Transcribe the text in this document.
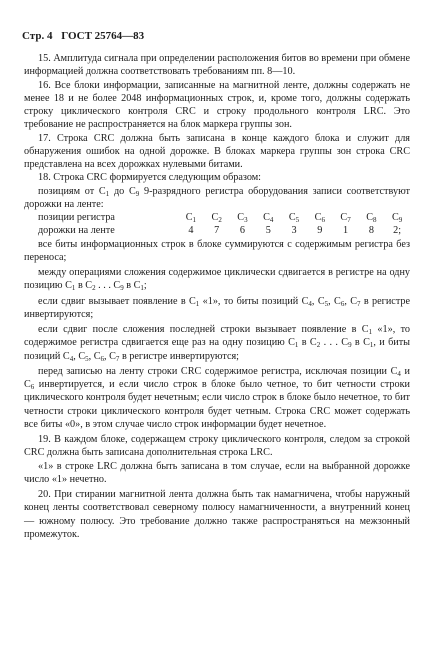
Стр. 4 ГОСТ 25764—83

15. Амплитуда сигнала при определении расположения битов во времени при обмене информацией должна соответствовать требованиям пп. 8—10.

16. Все блоки информации, записанные на магнитной ленте, должны содержать не менее 18 и не более 2048 информационных строк, и, кроме того, должны содержать строку циклического контроля CRC и строку продольного контроля LRC. Это требование не распространяется на блок маркера группы зон.

17. Строка CRC должна быть записана в конце каждого блока и служит для обнаружения ошибок на одной дорожке. В блоках маркера группы зон строка CRC представлена на всех дорожках нулевыми битами.

18. Строка CRC формируется следующим образом:

позициям от $C_1$ до $C_9$ 9-разрядного регистра оборудования записи соответствуют дорожки на ленте:

позиции регистра	$C_1$	$C_2$	$C_3$	$C_4$	$C_5$	$C_6$	$C_7$	$C_8$	$C_9$
дорожки на ленте	4	7	6	5	3	9	1	8	2;

все биты информационных строк в блоке суммируются с содержимым регистра без переноса;

между операциями сложения содержимое циклически сдвигается в регистре на одну позицию $C_1$ в $C_2$ . . . $C_9$ в $C_1$;

если сдвиг вызывает появление в $C_1$ «1», то биты позиций $C_4$, $C_5$, $C_6$, $C_7$ в регистре инвертируются;

если сдвиг после сложения последней строки вызывает появление в $C_1$ «1», то содержимое регистра сдвигается еще раз на одну позицию $C_1$ в $C_2$ . . . $C_9$ в $C_1$, и биты позиций $C_4$, $C_5$, $C_6$, $C_7$ в регистре инвертируются;

перед записью на ленту строки CRC содержимое регистра, исключая позиции $C_4$ и $C_6$ инвертируется, и если число строк в блоке было четное, то бит четности строки циклического контроля будет нечетным; если число строк в блоке было нечетное, то бит четности строки циклического контроля будет четным. Строка CRC может содержать все биты «0», в этом случае число строк информации будет нечетное.

19. В каждом блоке, содержащем строку циклического контроля, следом за строкой CRC должна быть записана дополнительная строка LRC.

«1» в строке LRC должна быть записана в том случае, если на выбранной дорожке число «1» нечетно.

20. При стирании магнитной лента должна быть так намагничена, чтобы наружный конец ленты соответствовал северному полюсу намагниченности, а внутренний конец — южному полюсу. Это требование должно также распространяться на межзонный промежуток.
